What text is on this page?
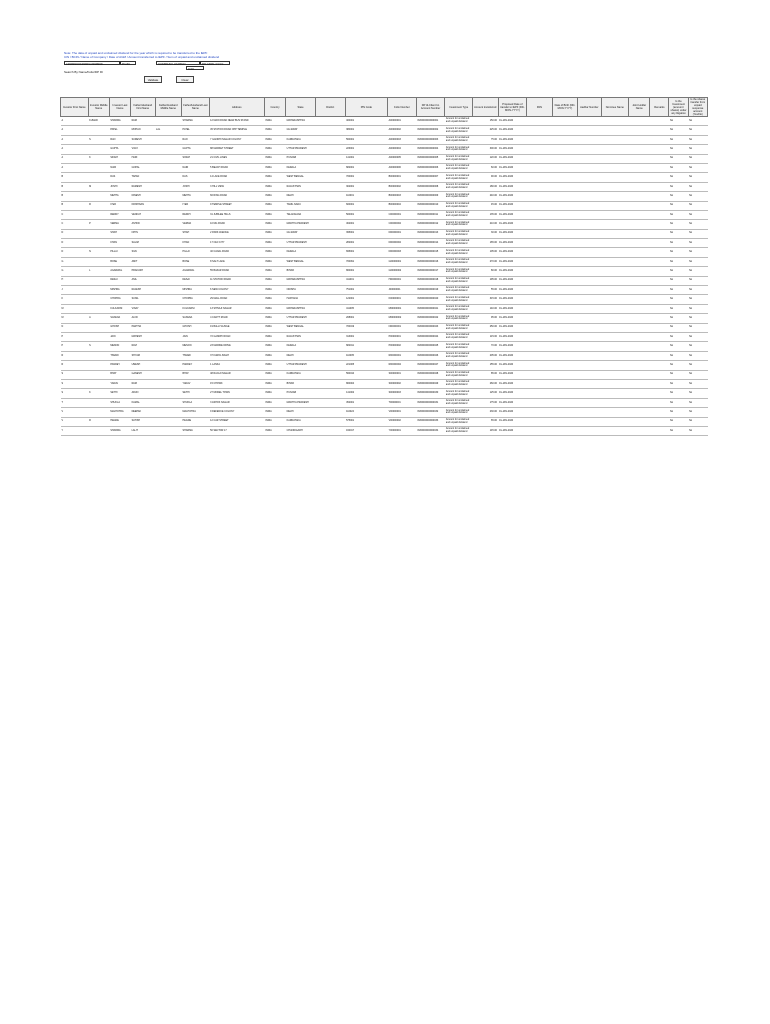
Note: The data of unpaid and unclaimed dividend for the year which is required to be transferred to the IEPF
CIN / BCIN / Name of Company / Date of AGM / Amount transferred to IEPF / Sum of unpaid and unclaimed dividend
L99999XX1999PLC999999	Prefill	COMPANY LIMITED	DD-MON-YYYY
0.00
Search By Name/Folio/DP ID
Validate	Clear
Investor First Name	Investor Middle Name	Investor Last Name	Father/Husband First Name	Father/Husband Middle Name	Father/Husband Last Name	Address	Country	State	District	PIN Code	Folio Number	DP Id-Client Id-Account Number	Investment Type	Amount transferred	Proposed Date of transfer to IEPF (DD-MON-YYYY)	PAN	Date of Birth (DD-MON-YYYY)	Aadhar Number	Nominee Name	Joint Holder Name	Remarks	Is the Investment (amount / shares) under any litigation	Is the shares transfer from unpaid suspense account (Yes/No)
A	KUMAR	SHARMA	RAM		SHARMA	12 MAIN ROAD NEAR BUS STAND	INDIA	MAHARASHTRA		400001	A00000001	IN30000000000001	Amount for unclaimed and unpaid dividend	150.00	01-JAN-2020							No	No
A		PATEL	MOHAN	LAL	PATEL	45 STATION ROAD OPP TEMPLE	INDIA	GUJARAT		380001	A00000002	IN30000000000002	Amount for unclaimed and unpaid dividend	225.00	01-JAN-2020							No	No
A	S	RAO	SURESH		RAO	7 GANDHI NAGAR COLONY	INDIA	KARNATAKA		560001	A00000003	IN30000000000003	Amount for unclaimed and unpaid dividend	75.00	01-JAN-2020							No	No
A		GUPTA	VIJAY		GUPTA	88 MARKET STREET	INDIA	UTTAR PRADESH		226001	A00000004	IN30000000000004	Amount for unclaimed and unpaid dividend	300.00	01-JAN-2020							No	No
A	K	SINGH	HARI		SINGH	21 CIVIL LINES	INDIA	PUNJAB		141001	A00000005	IN30000000000005	Amount for unclaimed and unpaid dividend	120.00	01-JAN-2020							No	No
A		NAIR	GOPAL		NAIR	5 BEACH ROAD	INDIA	KERALA		682001	A00000006	IN30000000000006	Amount for unclaimed and unpaid dividend	60.00	01-JAN-2020							No	No
B		DAS	TAPAN		DAS	14 LAKE ROAD	INDIA	WEST BENGAL		700001	B00000001	IN30000000000007	Amount for unclaimed and unpaid dividend	90.00	01-JAN-2020							No	No
B	M	JOSHI	RAMESH		JOSHI	3 HILL VIEW	INDIA	RAJASTHAN		302001	B00000002	IN30000000000008	Amount for unclaimed and unpaid dividend	180.00	01-JAN-2020							No	No
B		MEHTA	DINESH		MEHTA	66 RING ROAD	INDIA	DELHI		110001	B00000003	IN30000000000009	Amount for unclaimed and unpaid dividend	240.00	01-JAN-2020							No	No
B	R	IYER	KRISHNAN		IYER	9 TEMPLE STREET	INDIA	TAMIL NADU		600001	B00000004	IN30000000000010	Amount for unclaimed and unpaid dividend	45.00	01-JAN-2020							No	No
C		REDDY	VENKAT		REDDY	31 JUBILEE HILLS	INDIA	TELANGANA		500001	C00000001	IN30000000000011	Amount for unclaimed and unpaid dividend	135.00	01-JAN-2020							No	No
C	P	VERMA	ASHOK		VERMA	10 MG ROAD	INDIA	MADHYA PRADESH		462001	C00000002	IN30000000000012	Amount for unclaimed and unpaid dividend	210.00	01-JAN-2020							No	No
D		SHAH	NITIN		SHAH	2 PARK AVENUE	INDIA	GUJARAT		395001	D00000001	IN30000000000013	Amount for unclaimed and unpaid dividend	30.00	01-JAN-2020							No	No
D		KHAN	SALIM		KHAN	17 OLD CITY	INDIA	UTTAR PRADESH		282001	D00000002	IN30000000000014	Amount for unclaimed and unpaid dividend	165.00	01-JAN-2020							No	No
D	N	PILLAI	SIVA		PILLAI	40 CANAL ROAD	INDIA	KERALA		695001	D00000003	IN30000000000015	Amount for unclaimed and unpaid dividend	105.00	01-JAN-2020							No	No
G		BOSE	AMIT		BOSE	8 SALT LAKE	INDIA	WEST BENGAL		700091	G00000001	IN30000000000016	Amount for unclaimed and unpaid dividend	270.00	01-JAN-2020							No	No
G	L	AGARWAL	PRAKASH		AGARWAL	55 BAZAR ROAD	INDIA	BIHAR		800001	G00000002	IN30000000000017	Amount for unclaimed and unpaid dividend	80.00	01-JAN-2020							No	No
H		DESAI	ANIL		DESAI	11 STATION ROAD	INDIA	MAHARASHTRA		411001	H00000001	IN30000000000018	Amount for unclaimed and unpaid dividend	195.00	01-JAN-2020							No	No
J		MISHRA	RAJESH		MISHRA	6 NEW COLONY	INDIA	ODISHA		751001	J00000001	IN30000000000019	Amount for unclaimed and unpaid dividend	55.00	01-JAN-2020							No	No
K		CHOPRA	SUNIL		CHOPRA	29 MALL ROAD	INDIA	HARYANA		122001	K00000001	IN30000000000020	Amount for unclaimed and unpaid dividend	315.00	01-JAN-2020							No	No
M		KULKARNI	VINAY		KULKARNI	13 SHIVAJI NAGAR	INDIA	MAHARASHTRA		411005	M00000001	IN30000000000021	Amount for unclaimed and unpaid dividend	140.00	01-JAN-2020							No	No
M	A	SAXENA	ALOK		SAXENA	4 CANTT ROAD	INDIA	UTTAR PRADESH		208001	M00000002	IN30000000000022	Amount for unclaimed and unpaid dividend	95.00	01-JAN-2020							No	No
N		GHOSH	PARTHA		GHOSH	19 BALLYGUNGE	INDIA	WEST BENGAL		700019	N00000001	IN30000000000023	Amount for unclaimed and unpaid dividend	250.00	01-JAN-2020							No	No
P		JAIN	MAHESH		JAIN	72 GANDHI ROAD	INDIA	RAJASTHAN		313001	P00000001	IN30000000000024	Amount for unclaimed and unpaid dividend	115.00	01-JAN-2020							No	No
P	S	MENON	RAVI		MENON	23 MARINE DRIVE	INDIA	KERALA		682011	P00000002	IN30000000000025	Amount for unclaimed and unpaid dividend	70.00	01-JAN-2020							No	No
R		TIWARI	SHYAM		TIWARI	37 KAROL BAGH	INDIA	DELHI		110005	R00000001	IN30000000000026	Amount for unclaimed and unpaid dividend	205.00	01-JAN-2020							No	No
R		PANDEY	UMESH		PANDEY	1 LANKA	INDIA	UTTAR PRADESH		221005	R00000002	IN30000000000027	Amount for unclaimed and unpaid dividend	155.00	01-JAN-2020							No	No
S		BHAT	GANESH		BHAT	48 RAJAJI NAGAR	INDIA	KARNATAKA		560010	S00000001	IN30000000000028	Amount for unclaimed and unpaid dividend	85.00	01-JAN-2020							No	No
S		YADAV	RAM		YADAV	15 CHOWK	INDIA	BIHAR		800004	S00000002	IN30000000000029	Amount for unclaimed and unpaid dividend	260.00	01-JAN-2020							No	No
S	K	SETHI	ARUN		SETHI	27 MODEL TOWN	INDIA	PUNJAB		141002	S00000003	IN30000000000030	Amount for unclaimed and unpaid dividend	125.00	01-JAN-2020							No	No
T		SHUKLA	KAMAL		SHUKLA	3 ASHOK NAGAR	INDIA	MADHYA PRADESH		452001	T00000001	IN30000000000031	Amount for unclaimed and unpaid dividend	175.00	01-JAN-2020							No	No
V		MALHOTRA	DEEPAK		MALHOTRA	9 DEFENCE COLONY	INDIA	DELHI		110024	V00000001	IN30000000000032	Amount for unclaimed and unpaid dividend	230.00	01-JAN-2020							No	No
V	R	HEGDE	SATISH		HEGDE	12 CAR STREET	INDIA	KARNATAKA		575001	V00000002	IN30000000000033	Amount for unclaimed and unpaid dividend	65.00	01-JAN-2020							No	No
Y		SHARMA	LALIT		SHARMA	50 SECTOR 17	INDIA	CHANDIGARH		160017	Y00000001	IN30000000000034	Amount for unclaimed and unpaid dividend	145.00	01-JAN-2020							No	No
